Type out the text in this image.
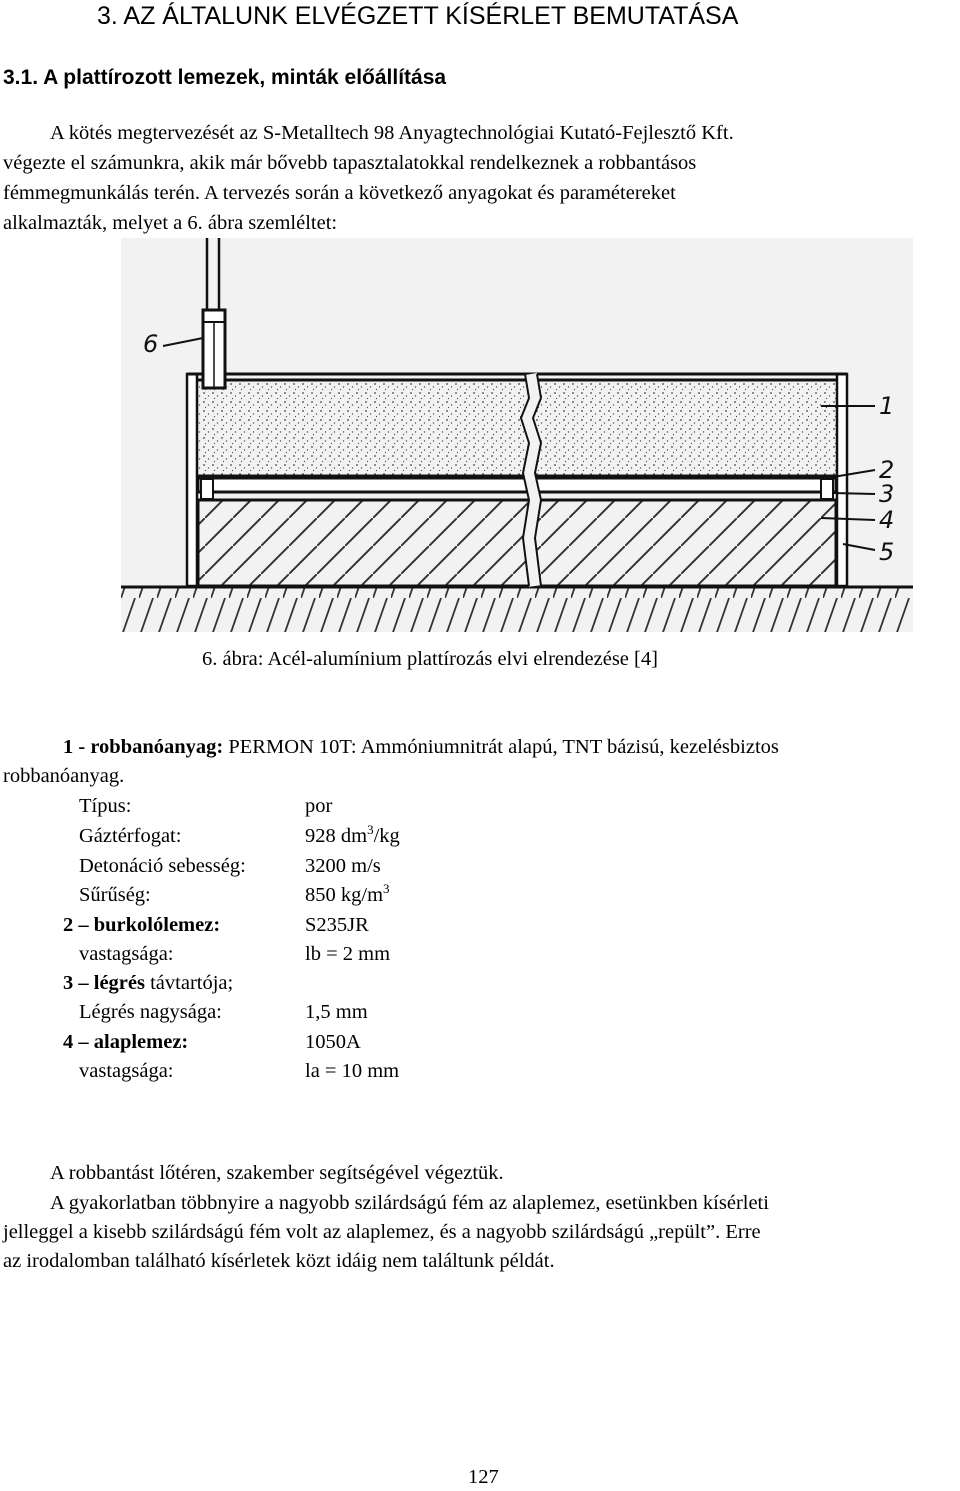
3. AZ ÁLTALUNK ELVÉGZETT KÍSÉRLET BEMUTATÁSA
3.1. A plattírozott lemezek, minták előállítása
A kötés megtervezését az S-Metalltech 98 Anyagtechnológiai Kutató-Fejlesztő Kft.
végezte el számunkra, akik már bővebb tapasztalatokkal rendelkeznek a robbantásos
fémmegmunkálás terén. A tervezés során a következő anyagokat és paramétereket
alkalmazták, melyet a 6. ábra szemléltet:
6
1
2
3
4
5
6. ábra: Acél-alumínium plattírozás elvi elrendezése [4]
1 - robbanóanyag: PERMON 10T: Ammóniumnitrát alapú, TNT bázisú, kezelésbiztos
robbanóanyag.
Típus:	por
Gáztérfogat:	928 $dm^3/kg$
Detonáció sebesség:	3200 m/s
Sűrűség:	850 $kg/m^3$
2 – burkolólemez:	S235JR
vastagsága:	lb = 2 mm
3 – légrés távtartója;
Légrés nagysága:	1,5 mm
4 – alaplemez:	1050A
vastagsága:	la = 10 mm
A robbantást lőtéren, szakember segítségével végeztük.
A gyakorlatban többnyire a nagyobb szilárdságú fém az alaplemez, esetünkben kísérleti
jelleggel a kisebb szilárdságú fém volt az alaplemez, és a nagyobb szilárdságú „repült”. Erre
az irodalomban található kísérletek közt idáig nem találtunk példát.
127
